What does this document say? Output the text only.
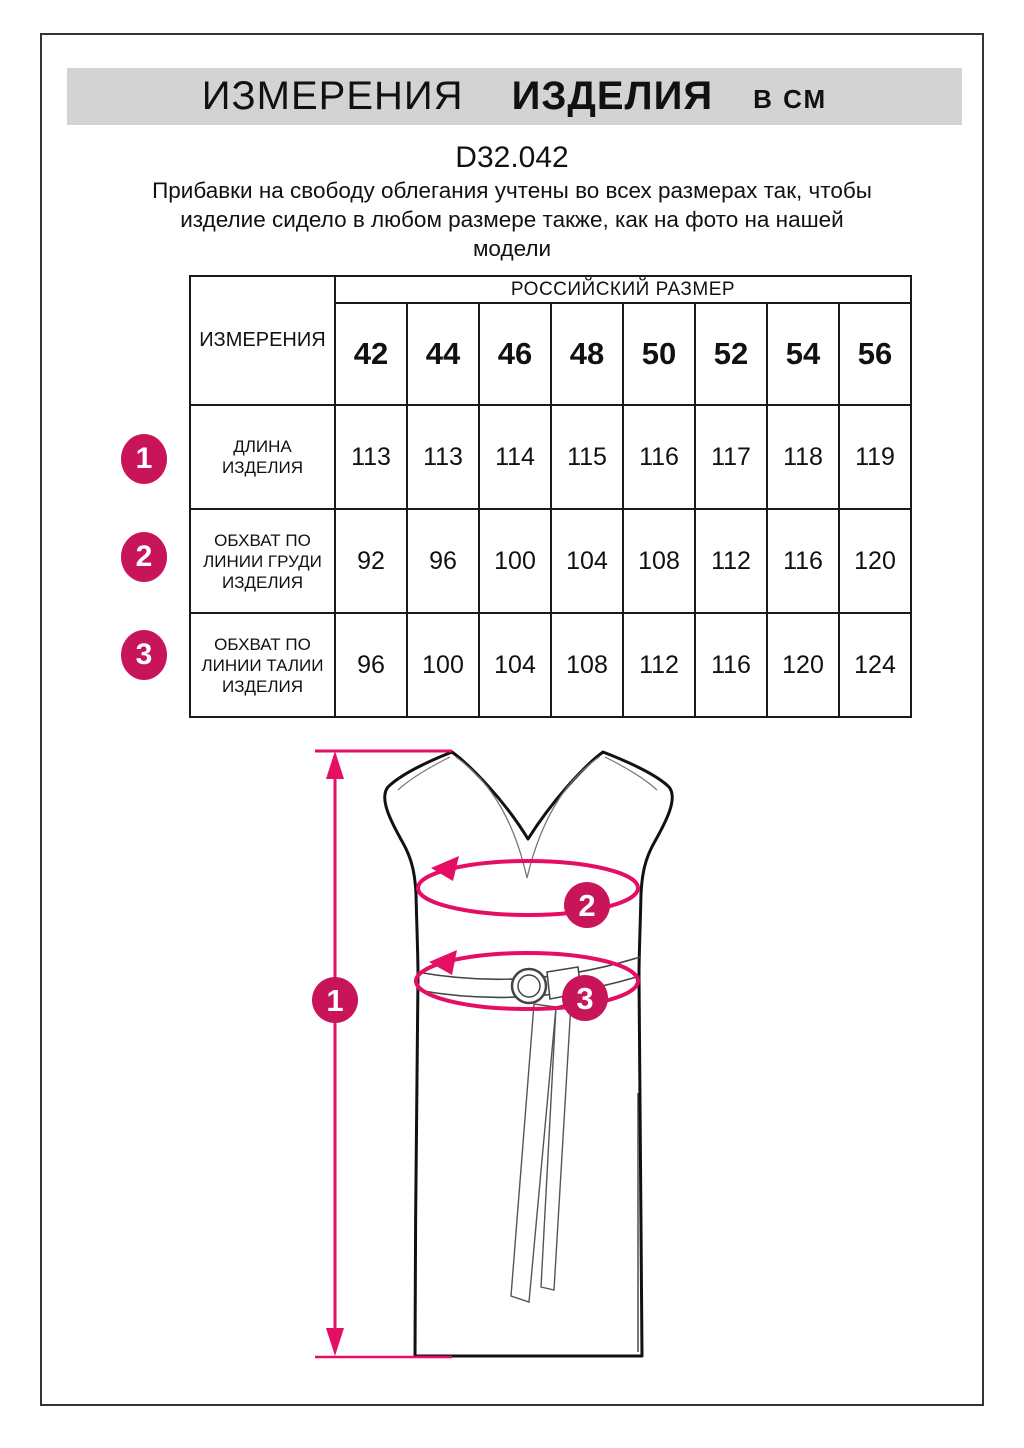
ИЗМЕРЕНИЯ ИЗДЕЛИЯ В СМ
D32.042
Прибавки на свободу облегания учтены во всех размерах так, чтобы
изделие сидело в любом размере также, как на фото на нашей
модели
ИЗМЕРЕНИЯ	РОССИЙСКИЙ РАЗМЕР							
	42	44	46	48	50	52	54	56
ДЛИНА
ИЗДЕЛИЯ	113	113	114	115	116	117	118	119
ОБХВАТ ПО
ЛИНИИ ГРУДИ
ИЗДЕЛИЯ	92	96	100	104	108	112	116	120
ОБХВАТ ПО
ЛИНИИ ТАЛИИ
ИЗДЕЛИЯ	96	100	104	108	112	116	120	124
1
2
3
1
2
3
